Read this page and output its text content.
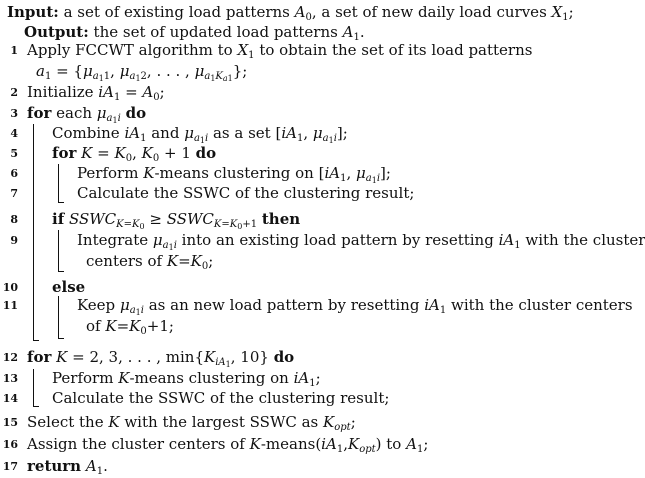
Input: a set of existing load patterns $A_0$, a set of new daily load curves $X_1$;
Output: the set of updated load patterns $A_1$.
1
2
3
4
5
6
7
8
9
10
11
12
13
14
15
16
17
Apply FCCWT algorithm to $X_1$ to obtain the set of its load patterns
$a_1 = \{\mu_{a_11}$, $\mu_{a_12}$, . . . , $\mu_{a_1K_{a1}}$};
Initialize $iA_1 = A_0$;
for each $\mu_{a_1i}$ do
Combine $iA_1$ and $\mu_{a_1i}$ as a set [$iA_1$, $\mu_{a_1i}$];
for $K = K_0$, $K_0 + 1$ do
Perform K-means clustering on [$iA_1$, $\mu_{a_1i}$];
Calculate the SSWC of the clustering result;
if $SSWC_{K=K_0}$ ≥ $SSWC_{K=K_0+1}$ then
Integrate $\mu_{a_1i}$ into an existing load pattern by resetting $iA_1$ with the cluster
centers of $K=K_0$;
else
Keep $\mu_{a_1i}$ as an new load pattern by resetting $iA_1$ with the cluster centers
of $K=K_0+1$;
for K = 2, 3, . . . , $\min\{K_{iA_1}$, 10} do
Perform K-means clustering on $iA_1$;
Calculate the SSWC of the clustering result;
Select the K with the largest SSWC as $K_{opt}$;
Assign the cluster centers of $K-means(iA_1,K_{opt})$ to $A_1$;
return $A_1$.
